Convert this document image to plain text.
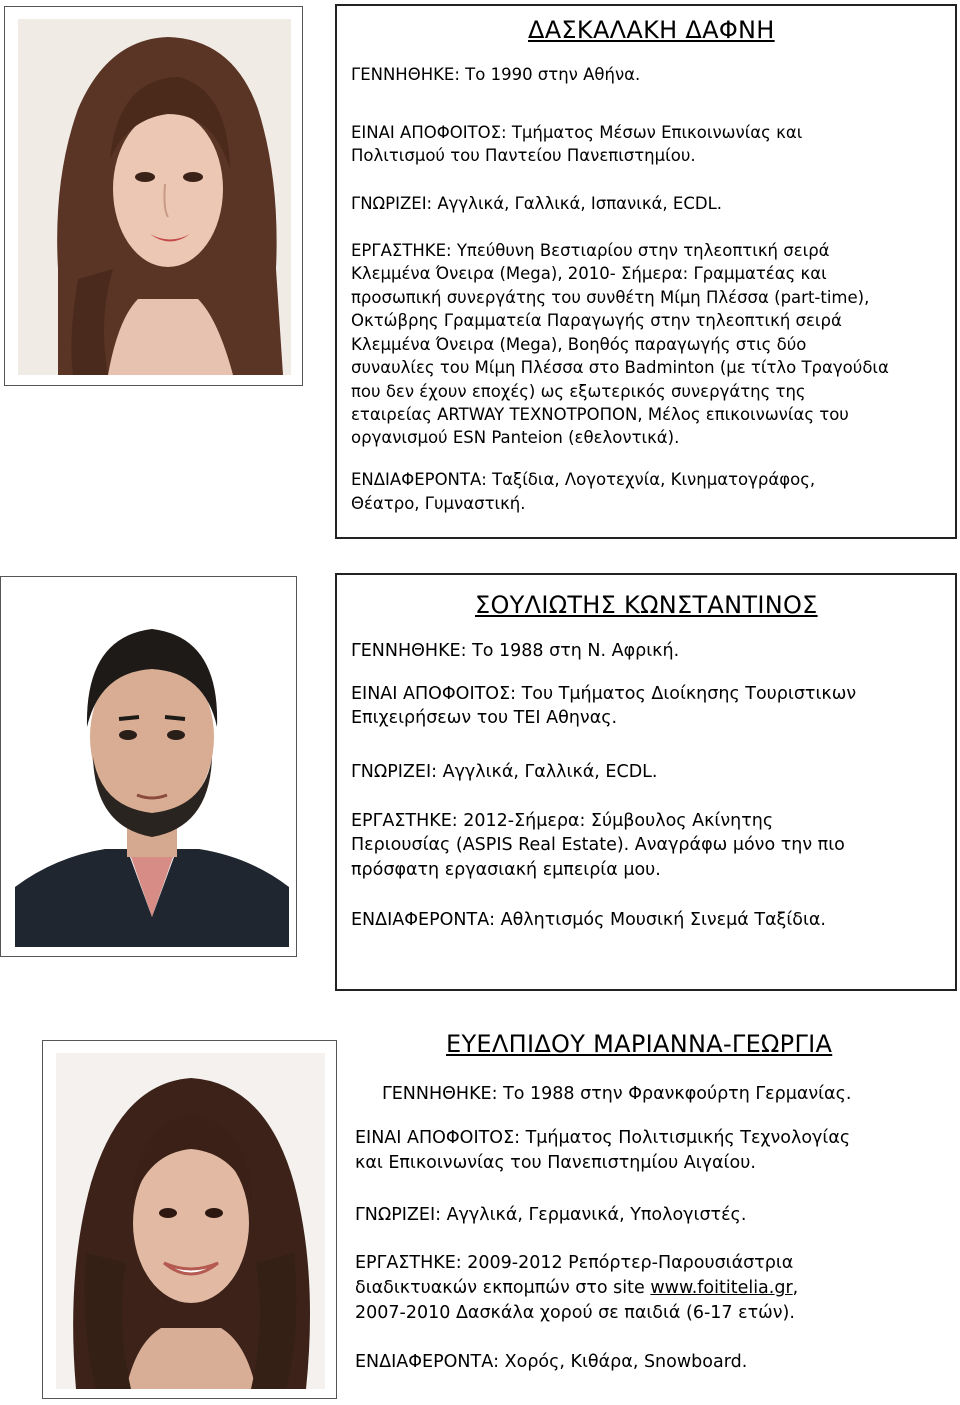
ΔΑΣΚΑΛΑΚΗ ΔΑΦΝΗ

ΓΕΝΝΗΘΗΚΕ: Το 1990 στην Αθήνα.

ΕΙΝΑΙ ΑΠΟΦΟΙΤΟΣ: Τμήματος Μέσων Επικοινωνίας και

Πολιτισμού του Παντείου Πανεπιστημίου.

ΓΝΩΡΙΖΕΙ: Αγγλικά, Γαλλικά, Ισπανικά, ECDL.

ΕΡΓΑΣΤΗΚΕ: Υπεύθυνη Βεστιαρίου στην τηλεοπτική σειρά

Κλεμμένα Όνειρα (Mega), 2010- Σήμερα: Γραμματέας και

προσωπική συνεργάτης του συνθέτη Μίμη Πλέσσα (part-time),

Οκτώβρης Γραμματεία Παραγωγής στην τηλεοπτική σειρά

Κλεμμένα Όνειρα (Mega), Βοηθός παραγωγής στις δύο

συναυλίες του Μίμη Πλέσσα στο Badminton (με τίτλο Τραγούδια

που δεν έχουν εποχές) ως εξωτερικός συνεργάτης της

εταιρείας ARTWAY ΤΕΧΝΟΤΡΟΠΟΝ, Μέλος επικοινωνίας του

οργανισμού ESN Panteion (εθελοντικά).

ΕΝΔΙΑΦΕΡΟΝΤΑ: Ταξίδια, Λογοτεχνία, Κινηματογράφος,

Θέατρο, Γυμναστική.

ΣΟΥΛΙΩΤΗΣ ΚΩΝΣΤΑΝΤΙΝΟΣ

ΓΕΝΝΗΘΗΚΕ: Το 1988 στη Ν. Αφρική.

ΕΙΝΑΙ ΑΠΟΦΟΙΤΟΣ: Του Τμήματος Διοίκησης Τουριστικων

Επιχειρήσεων του ΤΕΙ Αθηνας.

ΓΝΩΡΙΖΕΙ: Αγγλικά, Γαλλικά, ECDL.

ΕΡΓΑΣΤΗΚΕ: 2012-Σήμερα: Σύμβουλος Ακίνητης

Περιουσίας (ASPIS Real Estate). Αναγράφω μόνο την πιο

πρόσφατη εργασιακή εμπειρία μου.

ΕΝΔΙΑΦΕΡΟΝΤΑ: Αθλητισμός Μουσική Σινεμά Ταξίδια.

ΕΥΕΛΠΙΔΟΥ ΜΑΡΙΑΝΝΑ-ΓΕΩΡΓΙΑ

ΓΕΝΝΗΘΗΚΕ: Το 1988 στην Φρανκφούρτη Γερμανίας.

ΕΙΝΑΙ ΑΠΟΦΟΙΤΟΣ: Τμήματος Πολιτισμικής Τεχνολογίας

και Επικοινωνίας του Πανεπιστημίου Αιγαίου.

ΓΝΩΡΙΖΕΙ: Αγγλικά, Γερμανικά, Υπολογιστές.

ΕΡΓΑΣΤΗΚΕ: 2009-2012 Ρεπόρτερ-Παρουσιάστρια

διαδικτυακών εκπομπών στο site www.foititelia.gr,

2007-2010 Δασκάλα χορού σε παιδιά (6-17 ετών).

ΕΝΔΙΑΦΕΡΟΝΤΑ: Χορός, Κιθάρα, Snowboard.
